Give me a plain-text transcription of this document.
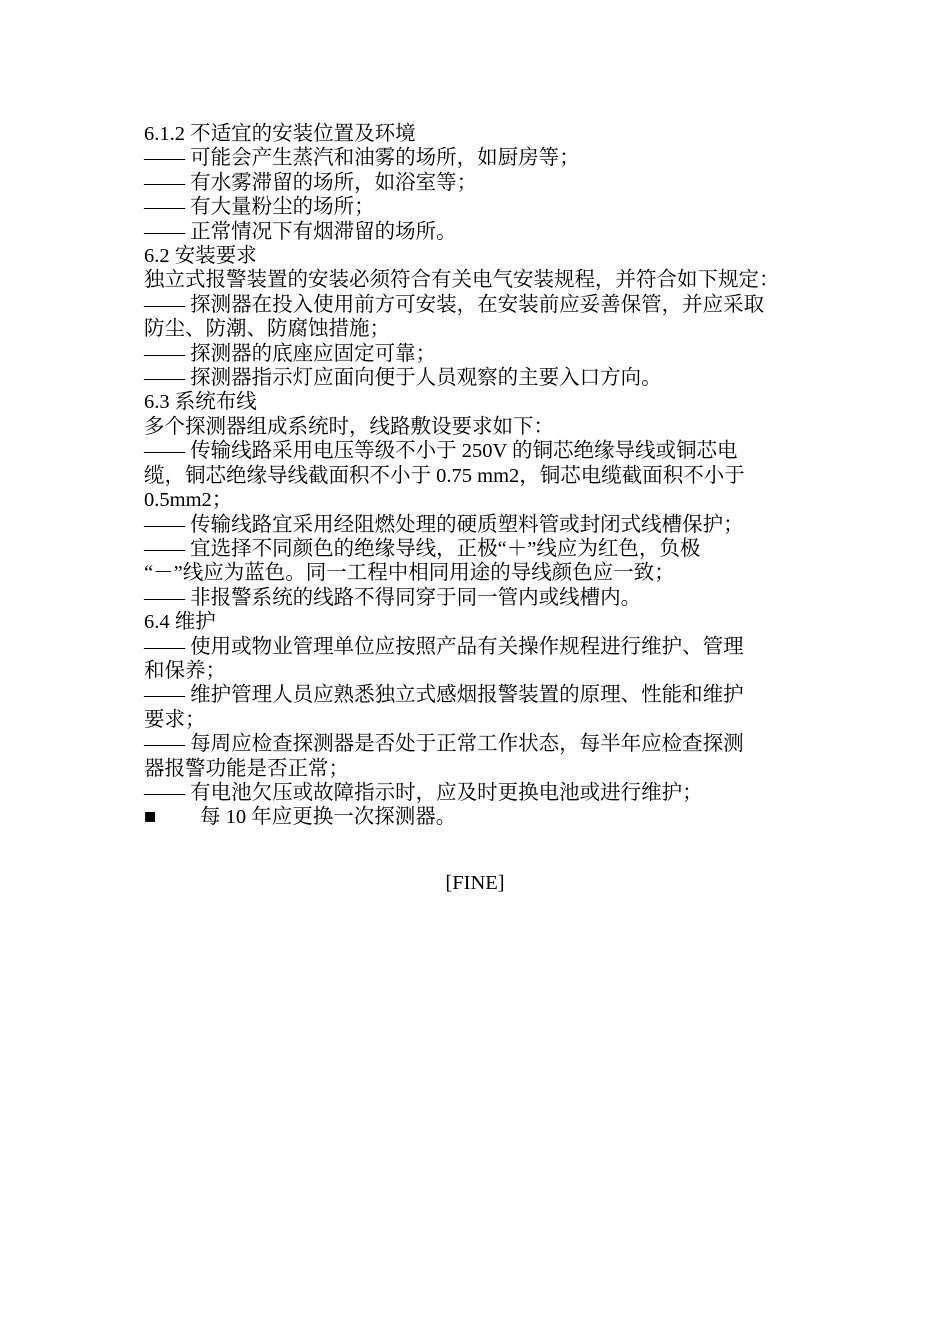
6.1.2 不适宜的安装位置及环境
—— 可能会产生蒸汽和油雾的场所，如厨房等；
—— 有水雾滞留的场所，如浴室等；
—— 有大量粉尘的场所；
—— 正常情况下有烟滞留的场所。
6.2 安装要求
独立式报警装置的安装必须符合有关电气安装规程，并符合如下规定：
—— 探测器在投入使用前方可安装，在安装前应妥善保管，并应采取
防尘、防潮、防腐蚀措施；
—— 探测器的底座应固定可靠；
—— 探测器指示灯应面向便于人员观察的主要入口方向。
6.3 系统布线
多个探测器组成系统时，线路敷设要求如下：
—— 传输线路采用电压等级不小于 250V 的铜芯绝缘导线或铜芯电
缆，铜芯绝缘导线截面积不小于 0.75 mm2，铜芯电缆截面积不小于
0.5mm2；
—— 传输线路宜采用经阻燃处理的硬质塑料管或封闭式线槽保护；
—— 宜选择不同颜色的绝缘导线，正极“＋”线应为红色，负极
“－”线应为蓝色。同一工程中相同用途的导线颜色应一致；
—— 非报警系统的线路不得同穿于同一管内或线槽内。
6.4 维护
—— 使用或物业管理单位应按照产品有关操作规程进行维护、管理
和保养；
—— 维护管理人员应熟悉独立式感烟报警装置的原理、性能和维护
要求；
—— 每周应检查探测器是否处于正常工作状态，每半年应检查探测
器报警功能是否正常；
—— 有电池欠压或故障指示时，应及时更换电池或进行维护；
■ 每 10 年应更换一次探测器。
[FINE]
